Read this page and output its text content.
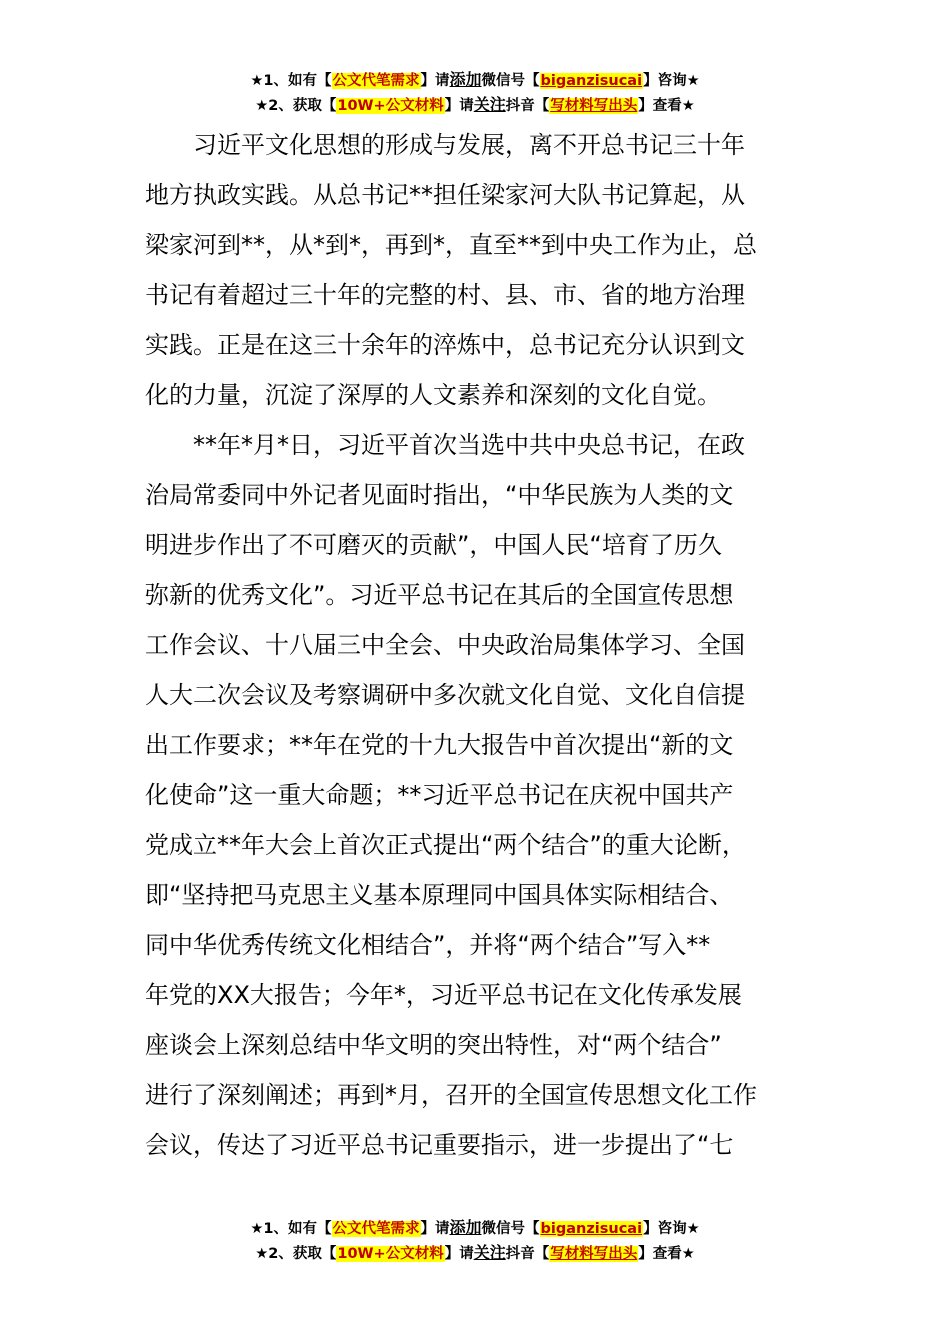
★1、如有【公文代笔需求】请添加微信号【biganzisucai】咨询★
★2、获取【10W+公文材料】请关注抖音【写材料写出头】查看★
　　习近平文化思想的形成与发展，离不开总书记三十年
地方执政实践。从总书记**担任梁家河大队书记算起，从
梁家河到**，从*到*，再到*，直至**到中央工作为止，总
书记有着超过三十年的完整的村、县、市、省的地方治理
实践。正是在这三十余年的淬炼中，总书记充分认识到文
化的力量，沉淀了深厚的人文素养和深刻的文化自觉。
　　**年*月*日，习近平首次当选中共中央总书记，在政
治局常委同中外记者见面时指出，“中华民族为人类的文
明进步作出了不可磨灭的贡献”，中国人民“培育了历久
弥新的优秀文化”。习近平总书记在其后的全国宣传思想
工作会议、十八届三中全会、中央政治局集体学习、全国
人大二次会议及考察调研中多次就文化自觉、文化自信提
出工作要求；**年在党的十九大报告中首次提出“新的文
化使命”这一重大命题；**习近平总书记在庆祝中国共产
党成立**年大会上首次正式提出“两个结合”的重大论断，
即“坚持把马克思主义基本原理同中国具体实际相结合、
同中华优秀传统文化相结合”，并将“两个结合”写入**
年党的XX大报告；今年*，习近平总书记在文化传承发展
座谈会上深刻总结中华文明的突出特性，对“两个结合”
进行了深刻阐述；再到*月，召开的全国宣传思想文化工作
会议，传达了习近平总书记重要指示，进一步提出了“七
★1、如有【公文代笔需求】请添加微信号【biganzisucai】咨询★
★2、获取【10W+公文材料】请关注抖音【写材料写出头】查看★
